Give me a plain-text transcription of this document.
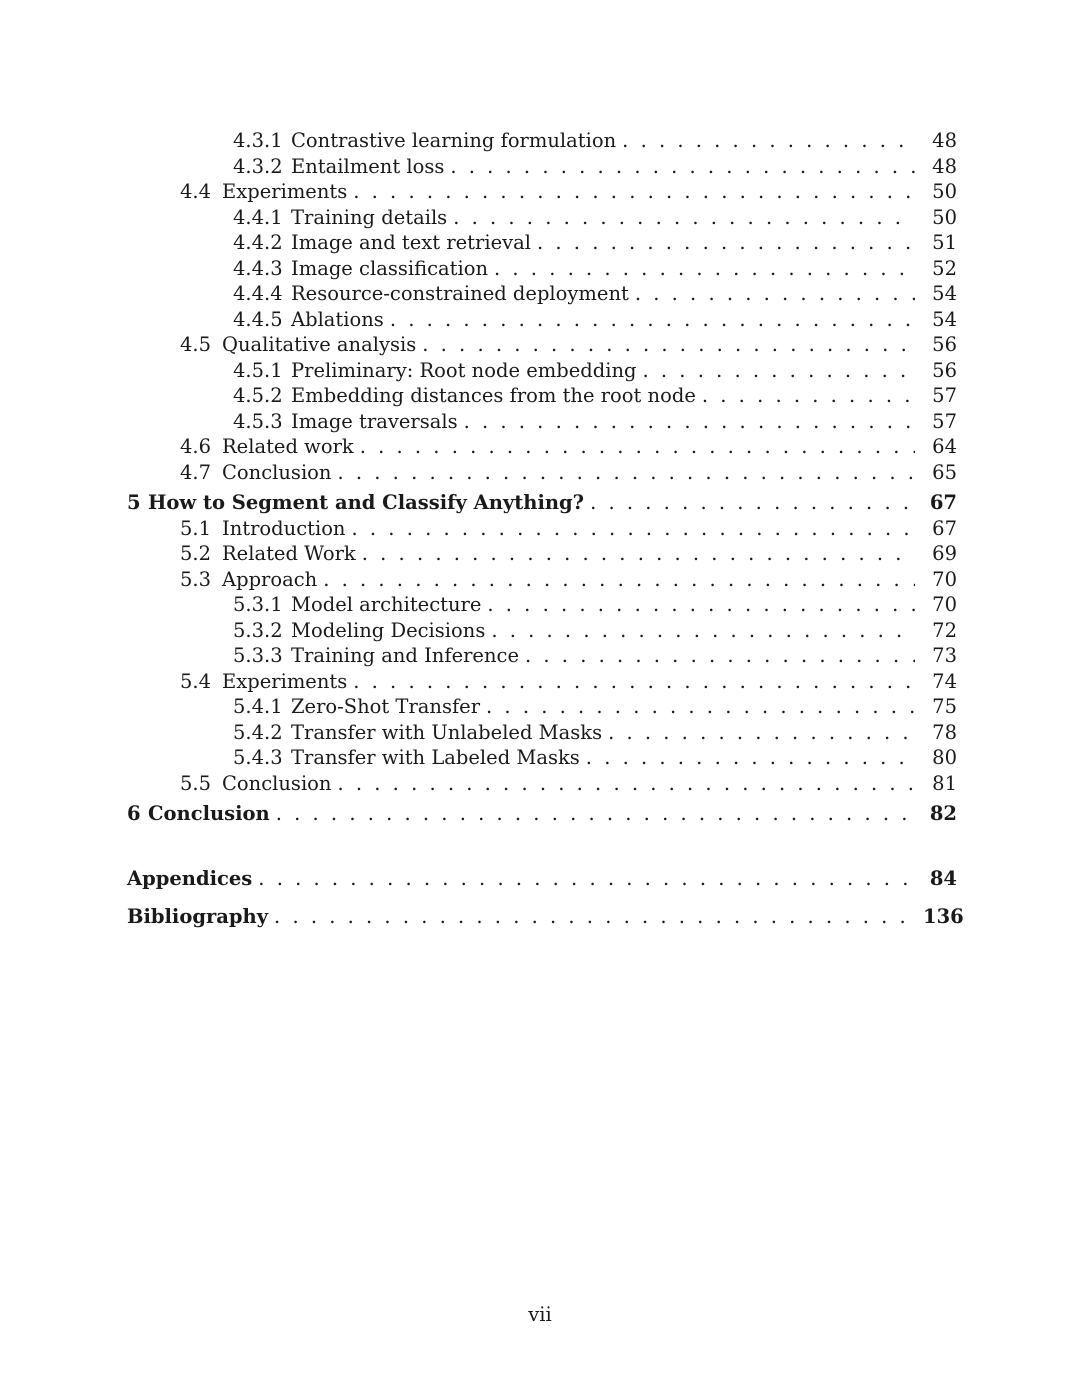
4.3.1 Contrastive learning formulation . . .	48
4.3.2 Entailment loss . . .	48
4.4 Experiments . . .	50
4.4.1 Training details . . .	50
4.4.2 Image and text retrieval . . .	51
4.4.3 Image classification . . .	52
4.4.4 Resource-constrained deployment . . .	54
4.4.5 Ablations . . .	54
4.5 Qualitative analysis . . .	56
4.5.1 Preliminary: Root node embedding . . .	56
4.5.2 Embedding distances from the root node . . .	57
4.5.3 Image traversals . . .	57
4.6 Related work . . .	64
4.7 Conclusion . . .	65
5 How to Segment and Classify Anything? . . .	67
5.1 Introduction . . .	67
5.2 Related Work . . .	69
5.3 Approach . . .	70
5.3.1 Model architecture . . .	70
5.3.2 Modeling Decisions . . .	72
5.3.3 Training and Inference . . .	73
5.4 Experiments . . .	74
5.4.1 Zero-Shot Transfer . . .	75
5.4.2 Transfer with Unlabeled Masks . . .	78
5.4.3 Transfer with Labeled Masks . . .	80
5.5 Conclusion . . .	81
6 Conclusion . . .	82
Appendices . . .	84
Bibliography . . .	136
vii
